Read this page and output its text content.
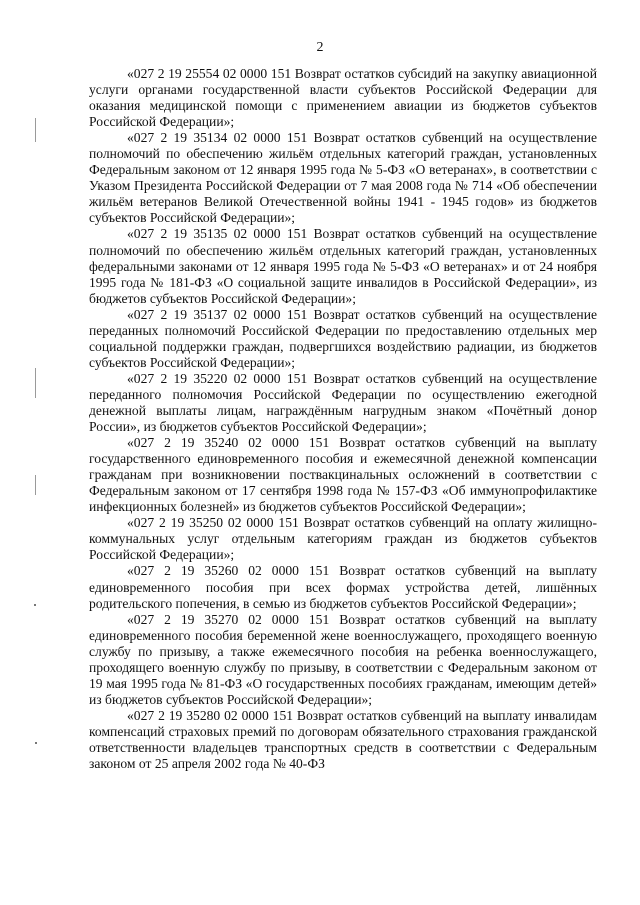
2

«027 2 19 25554 02 0000 151 Возврат остатков субсидий на закупку авиационной услуги органами государственной власти субъектов Российской Федерации для оказания медицинской помощи с применением авиации из бюджетов субъектов Российской Федерации»;

«027 2 19 35134 02 0000 151 Возврат остатков субвенций на осуществление полномочий по обеспечению жильём отдельных категорий граждан, установленных Федеральным законом от 12 января 1995 года № 5-ФЗ «О ветеранах», в соответствии с Указом Президента Российской Федерации от 7 мая 2008 года № 714 «Об обеспечении жильём ветеранов Великой Отечественной войны 1941 - 1945 годов» из бюджетов субъектов Российской Федерации»;

«027 2 19 35135 02 0000 151 Возврат остатков субвенций на осуществление полномочий по обеспечению жильём отдельных категорий граждан, установленных федеральными законами от 12 января 1995 года № 5-ФЗ «О ветеранах» и от 24 ноября 1995 года № 181-ФЗ «О социальной защите инвалидов в Российской Федерации», из бюджетов субъектов Российской Федерации»;

«027 2 19 35137 02 0000 151 Возврат остатков субвенций на осуществление переданных полномочий Российской Федерации по предоставлению отдельных мер социальной поддержки граждан, подвергшихся воздействию радиации, из бюджетов субъектов Российской Федерации»;

«027 2 19 35220 02 0000 151 Возврат остатков субвенций на осуществление переданного полномочия Российской Федерации по осуществлению ежегодной денежной выплаты лицам, награждённым нагрудным знаком «Почётный донор России», из бюджетов субъектов Российской Федерации»;

«027 2 19 35240 02 0000 151 Возврат остатков субвенций на выплату государственного единовременного пособия и ежемесячной денежной компенсации гражданам при возникновении поствакцинальных осложнений в соответствии с Федеральным законом от 17 сентября 1998 года № 157-ФЗ «Об иммунопрофилактике инфекционных болезней» из бюджетов субъектов Российской Федерации»;

«027 2 19 35250 02 0000 151 Возврат остатков субвенций на оплату жилищно-коммунальных услуг отдельным категориям граждан из бюджетов субъектов Российской Федерации»;

«027 2 19 35260 02 0000 151 Возврат остатков субвенций на выплату единовременного пособия при всех формах устройства детей, лишённых родительского попечения, в семью из бюджетов субъектов Российской Федерации»;

«027 2 19 35270 02 0000 151 Возврат остатков субвенций на выплату единовременного пособия беременной жене военнослужащего, проходящего военную службу по призыву, а также ежемесячного пособия на ребенка военнослужащего, проходящего военную службу по призыву, в соответствии с Федеральным законом от 19 мая 1995 года № 81-ФЗ «О государственных пособиях гражданам, имеющим детей» из бюджетов субъектов Российской Федерации»;

«027 2 19 35280 02 0000 151 Возврат остатков субвенций на выплату инвалидам компенсаций страховых премий по договорам обязательного страхования гражданской ответственности владельцев транспортных средств в соответствии с Федеральным законом от 25 апреля 2002 года № 40-ФЗ
